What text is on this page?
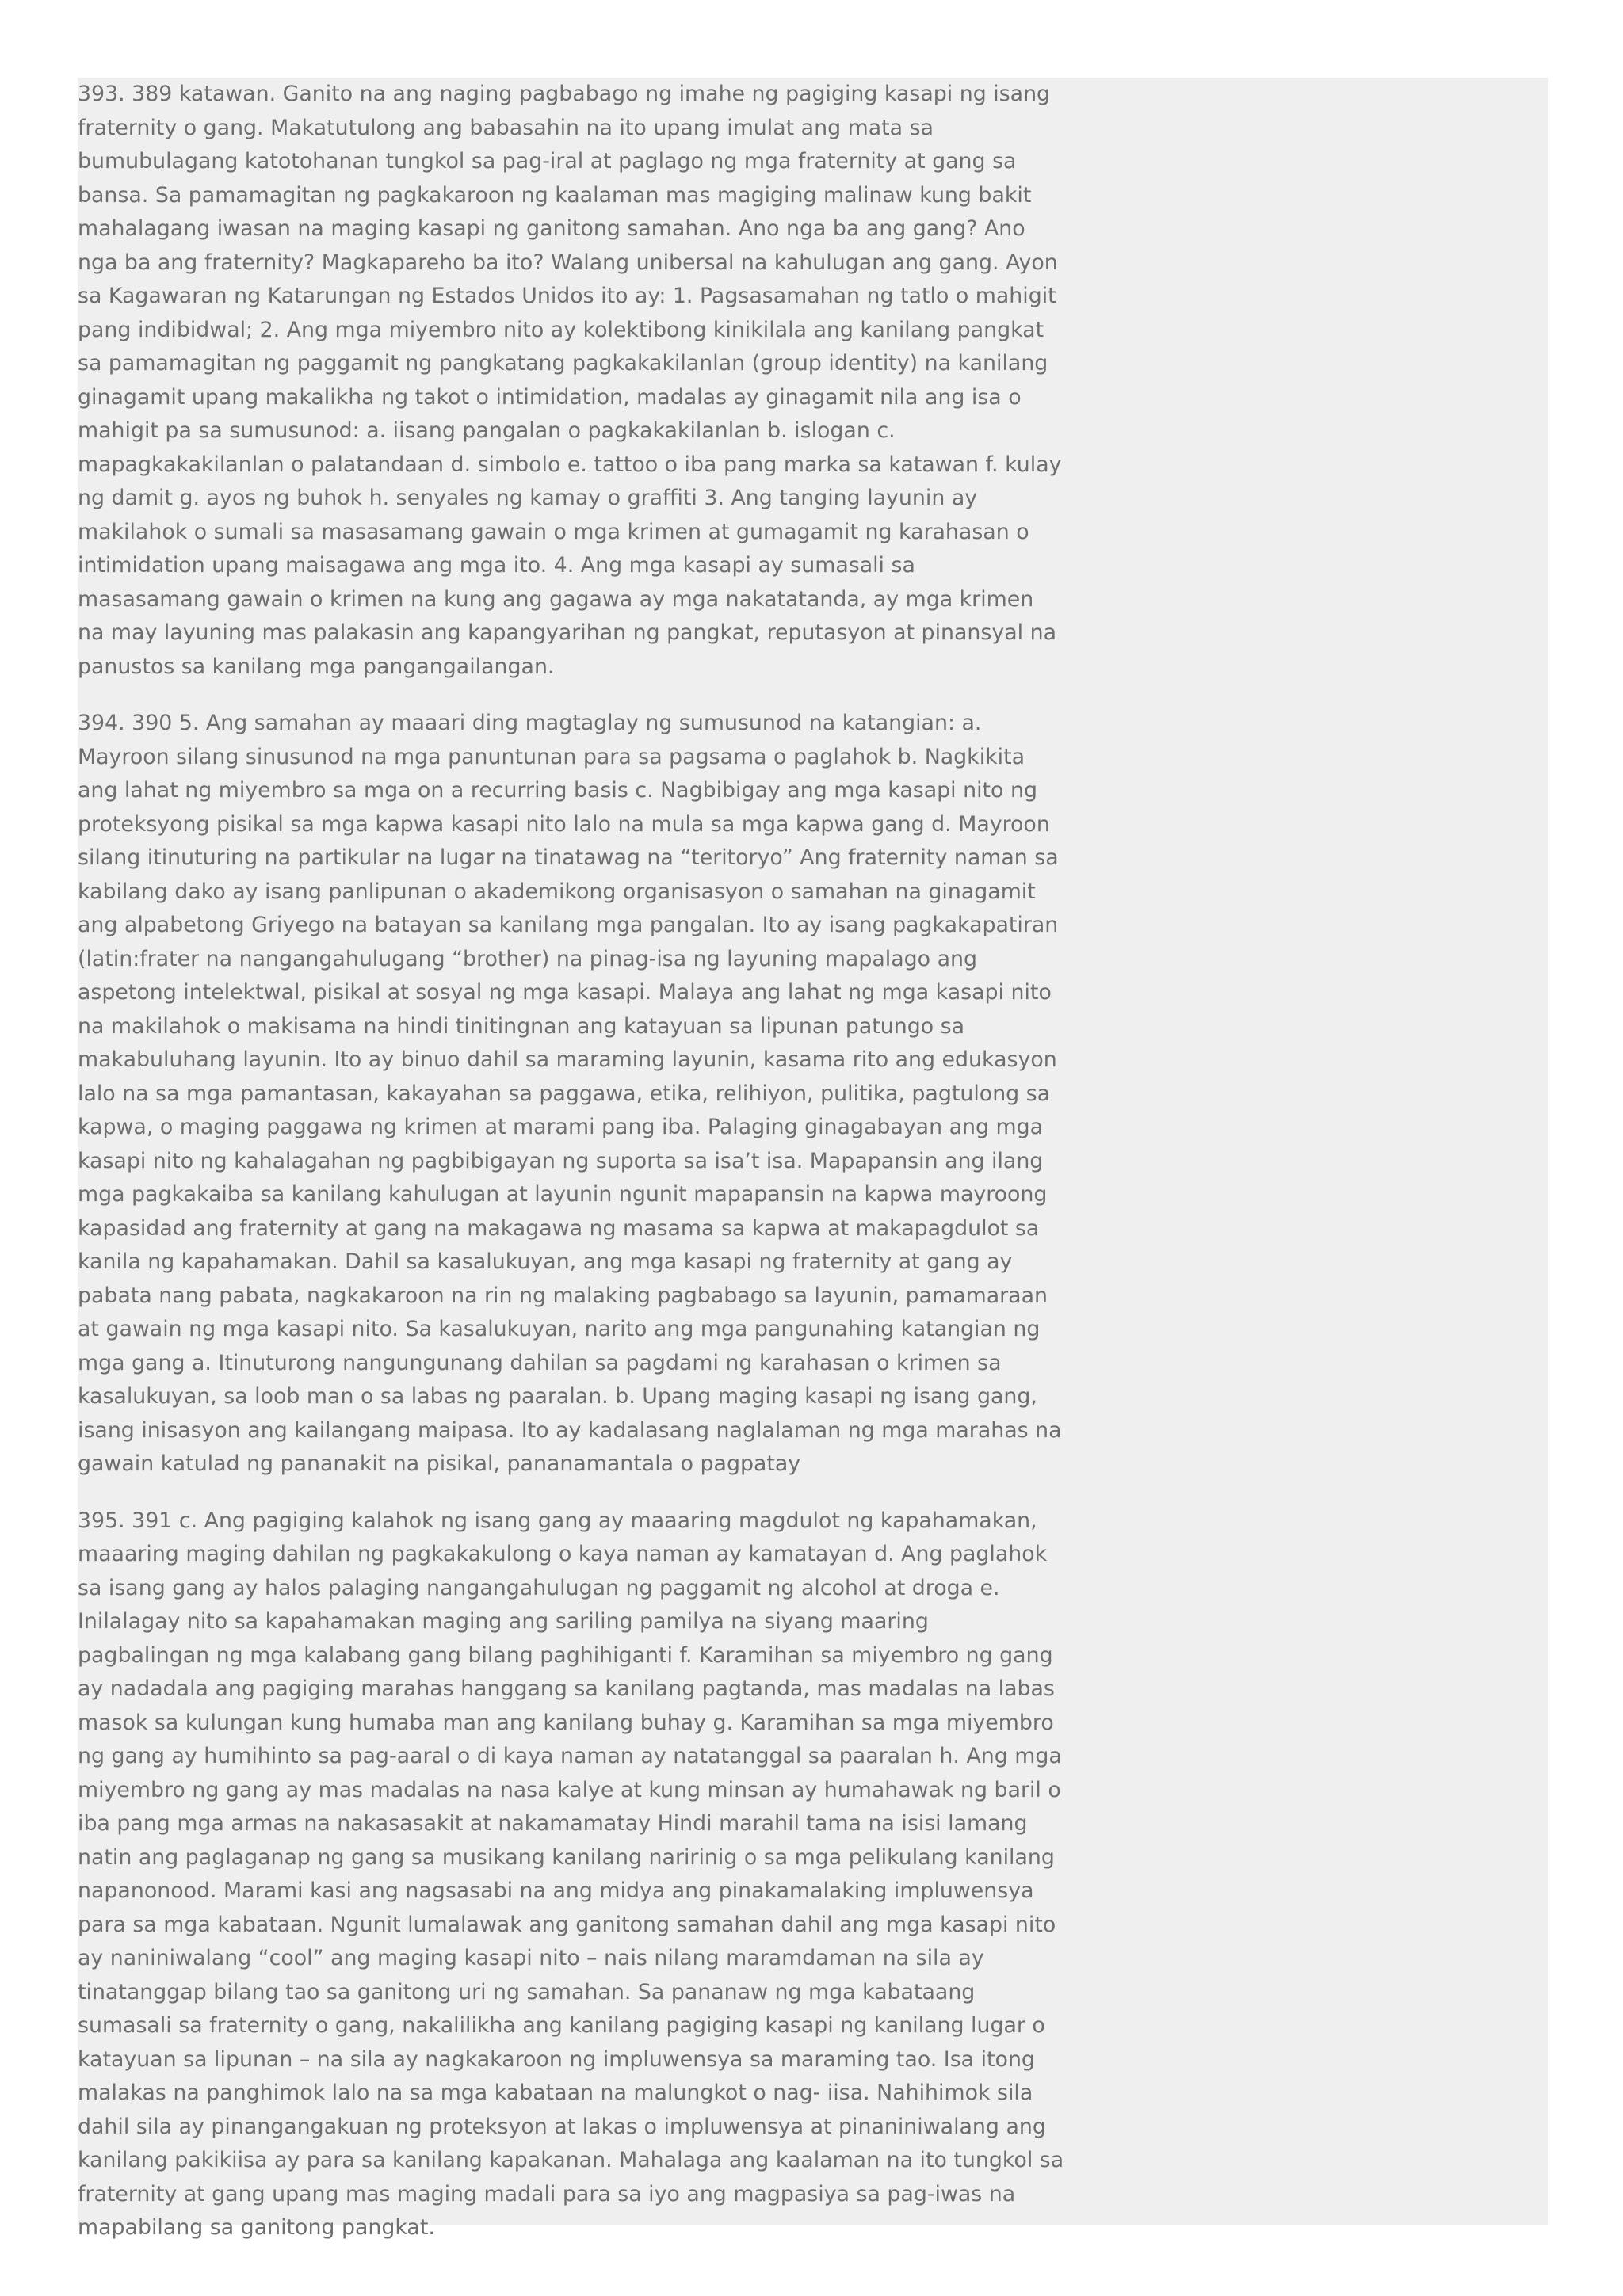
393. 389 katawan. Ganito na ang naging pagbabago ng imahe ng pagiging kasapi ng isang fraternity o gang. Makatutulong ang babasahin na ito upang imulat ang mata sa bumubulagang katotohanan tungkol sa pag-iral at paglago ng mga fraternity at gang sa bansa. Sa pamamagitan ng pagkakaroon ng kaalaman mas magiging malinaw kung bakit mahalagang iwasan na maging kasapi ng ganitong samahan. Ano nga ba ang gang? Ano nga ba ang fraternity? Magkapareho ba ito? Walang unibersal na kahulugan ang gang. Ayon sa Kagawaran ng Katarungan ng Estados Unidos ito ay: 1. Pagsasamahan ng tatlo o mahigit pang indibidwal; 2. Ang mga miyembro nito ay kolektibong kinikilala ang kanilang pangkat sa pamamagitan ng paggamit ng pangkatang pagkakakilanlan (group identity) na kanilang ginagamit upang makalikha ng takot o intimidation, madalas ay ginagamit nila ang isa o mahigit pa sa sumusunod: a. iisang pangalan o pagkakakilanlan b. islogan c. mapagkakakilanlan o palatandaan d. simbolo e. tattoo o iba pang marka sa katawan f. kulay ng damit g. ayos ng buhok h. senyales ng kamay o graffiti 3. Ang tanging layunin ay makilahok o sumali sa masasamang gawain o mga krimen at gumagamit ng karahasan o intimidation upang maisagawa ang mga ito. 4. Ang mga kasapi ay sumasali sa masasamang gawain o krimen na kung ang gagawa ay mga nakatatanda, ay mga krimen na may layuning mas palakasin ang kapangyarihan ng pangkat, reputasyon at pinansyal na panustos sa kanilang mga pangangailangan.

394. 390 5. Ang samahan ay maaari ding magtaglay ng sumusunod na katangian: a. Mayroon silang sinusunod na mga panuntunan para sa pagsama o paglahok b. Nagkikita ang lahat ng miyembro sa mga on a recurring basis c. Nagbibigay ang mga kasapi nito ng proteksyong pisikal sa mga kapwa kasapi nito lalo na mula sa mga kapwa gang d. Mayroon silang itinuturing na partikular na lugar na tinatawag na “teritoryo” Ang fraternity naman sa kabilang dako ay isang panlipunan o akademikong organisasyon o samahan na ginagamit ang alpabetong Griyego na batayan sa kanilang mga pangalan. Ito ay isang pagkakapatiran (latin:frater na nangangahulugang “brother) na pinag-isa ng layuning mapalago ang aspetong intelektwal, pisikal at sosyal ng mga kasapi. Malaya ang lahat ng mga kasapi nito na makilahok o makisama na hindi tinitingnan ang katayuan sa lipunan patungo sa makabuluhang layunin. Ito ay binuo dahil sa maraming layunin, kasama rito ang edukasyon lalo na sa mga pamantasan, kakayahan sa paggawa, etika, relihiyon, pulitika, pagtulong sa kapwa, o maging paggawa ng krimen at marami pang iba. Palaging ginagabayan ang mga kasapi nito ng kahalagahan ng pagbibigayan ng suporta sa isa’t isa. Mapapansin ang ilang mga pagkakaiba sa kanilang kahulugan at layunin ngunit mapapansin na kapwa mayroong kapasidad ang fraternity at gang na makagawa ng masama sa kapwa at makapagdulot sa kanila ng kapahamakan. Dahil sa kasalukuyan, ang mga kasapi ng fraternity at gang ay pabata nang pabata, nagkakaroon na rin ng malaking pagbabago sa layunin, pamamaraan at gawain ng mga kasapi nito. Sa kasalukuyan, narito ang mga pangunahing katangian ng mga gang a. Itinuturong nangungunang dahilan sa pagdami ng karahasan o krimen sa kasalukuyan, sa loob man o sa labas ng paaralan. b. Upang maging kasapi ng isang gang, isang inisasyon ang kailangang maipasa. Ito ay kadalasang naglalaman ng mga marahas na gawain katulad ng pananakit na pisikal, pananamantala o pagpatay

395. 391 c. Ang pagiging kalahok ng isang gang ay maaaring magdulot ng kapahamakan, maaaring maging dahilan ng pagkakakulong o kaya naman ay kamatayan d. Ang paglahok sa isang gang ay halos palaging nangangahulugan ng paggamit ng alcohol at droga e. Inilalagay nito sa kapahamakan maging ang sariling pamilya na siyang maaring pagbalingan ng mga kalabang gang bilang paghihiganti f. Karamihan sa miyembro ng gang ay nadadala ang pagiging marahas hanggang sa kanilang pagtanda, mas madalas na labas masok sa kulungan kung humaba man ang kanilang buhay g. Karamihan sa mga miyembro ng gang ay humihinto sa pag-aaral o di kaya naman ay natatanggal sa paaralan h. Ang mga miyembro ng gang ay mas madalas na nasa kalye at kung minsan ay humahawak ng baril o iba pang mga armas na nakasasakit at nakamamatay Hindi marahil tama na isisi lamang natin ang paglaganap ng gang sa musikang kanilang naririnig o sa mga pelikulang kanilang napanonood. Marami kasi ang nagsasabi na ang midya ang pinakamalaking impluwensya para sa mga kabataan. Ngunit lumalawak ang ganitong samahan dahil ang mga kasapi nito ay naniniwalang “cool” ang maging kasapi nito – nais nilang maramdaman na sila ay tinatanggap bilang tao sa ganitong uri ng samahan. Sa pananaw ng mga kabataang sumasali sa fraternity o gang, nakalilikha ang kanilang pagiging kasapi ng kanilang lugar o katayuan sa lipunan – na sila ay nagkakaroon ng impluwensya sa maraming tao. Isa itong malakas na panghimok lalo na sa mga kabataan na malungkot o nag- iisa. Nahihimok sila dahil sila ay pinangangakuan ng proteksyon at lakas o impluwensya at pinaniniwalang ang kanilang pakikiisa ay para sa kanilang kapakanan. Mahalaga ang kaalaman na ito tungkol sa fraternity at gang upang mas maging madali para sa iyo ang magpasiya sa pag-iwas na mapabilang sa ganitong pangkat.
